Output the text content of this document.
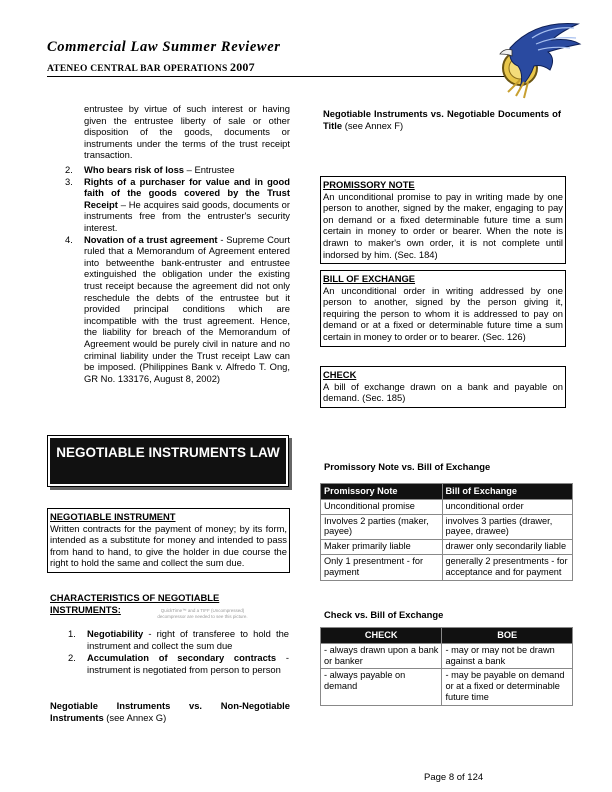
Commercial Law Summer Reviewer
ATENEO CENTRAL BAR OPERATIONS 2007
entrustee by virtue of such interest or having given the entrustee liberty of sale or other disposition of the goods, documents or instruments under the terms of the trust receipt transaction.
2. Who bears risk of loss – Entrustee
3. Rights of a purchaser for value and in good faith of the goods covered by the Trust Receipt – He acquires said goods, documents or instruments free from the entruster's security interest.
4. Novation of a trust agreement - Supreme Court ruled that a Memorandum of Agreement entered into betweenthe bank-entruster and entrustee extinguished the obligation under the existing trust receipt because the agreement did not only reschedule the debts of the entrustee but it provided principal conditions which are incompatible with the trust agreement. Hence, the liability for breach of the Memorandum of Agreement would be purely civil in nature and no criminal liability under the Trust receipt Law can be imposed. (Philippines Bank v. Alfredo T. Ong, GR No. 133176, August 8, 2002)
NEGOTIABLE INSTRUMENTS LAW
NEGOTIABLE INSTRUMENT
Written contracts for the payment of money; by its form, intended as a substitute for money and intended to pass from hand to hand, to give the holder in due course the right to hold the same and collect the sum due.
CHARACTERISTICS OF NEGOTIABLE INSTRUMENTS:	QuickTime™ and a TIFF (Uncompressed) decompressor are needed to see this picture.
1. Negotiability - right of transferee to hold the instrument and collect the sum due
2. Accumulation of secondary contracts - instrument is negotiated from person to person
Negotiable Instruments vs. Non-Negotiable Instruments (see Annex G)
Negotiable Instruments vs. Negotiable Documents of Title (see Annex F)
PROMISSORY NOTE
An unconditional promise to pay in writing made by one person to another, signed by the maker, engaging to pay on demand or a fixed determinable future time a sum certain in money to order or bearer. When the note is drawn to maker's own order, it is not complete until indorsed by him. (Sec. 184)
BILL OF EXCHANGE
An unconditional order in writing addressed by one person to another, signed by the person giving it, requiring the person to whom it is addressed to pay on demand or at a fixed or determinable future time a sum certain in money to order or to bearer. (Sec. 126)
CHECK
A bill of exchange drawn on a bank and payable on demand. (Sec. 185)
Promissory Note vs. Bill of Exchange
Promissory Note	Bill of Exchange
Unconditional promise	unconditional order
Involves 2 parties (maker, payee)	involves 3 parties (drawer, payee, drawee)
Maker primarily liable	drawer only secondarily liable
Only 1 presentment - for payment	generally 2 presentments - for acceptance and for payment
Check vs. Bill of Exchange
CHECK	BOE
- always drawn upon a bank or banker	- may or may not be drawn against a bank
- always payable on demand	- may be payable on demand or at a fixed or determinable future time
Page 8 of 124
